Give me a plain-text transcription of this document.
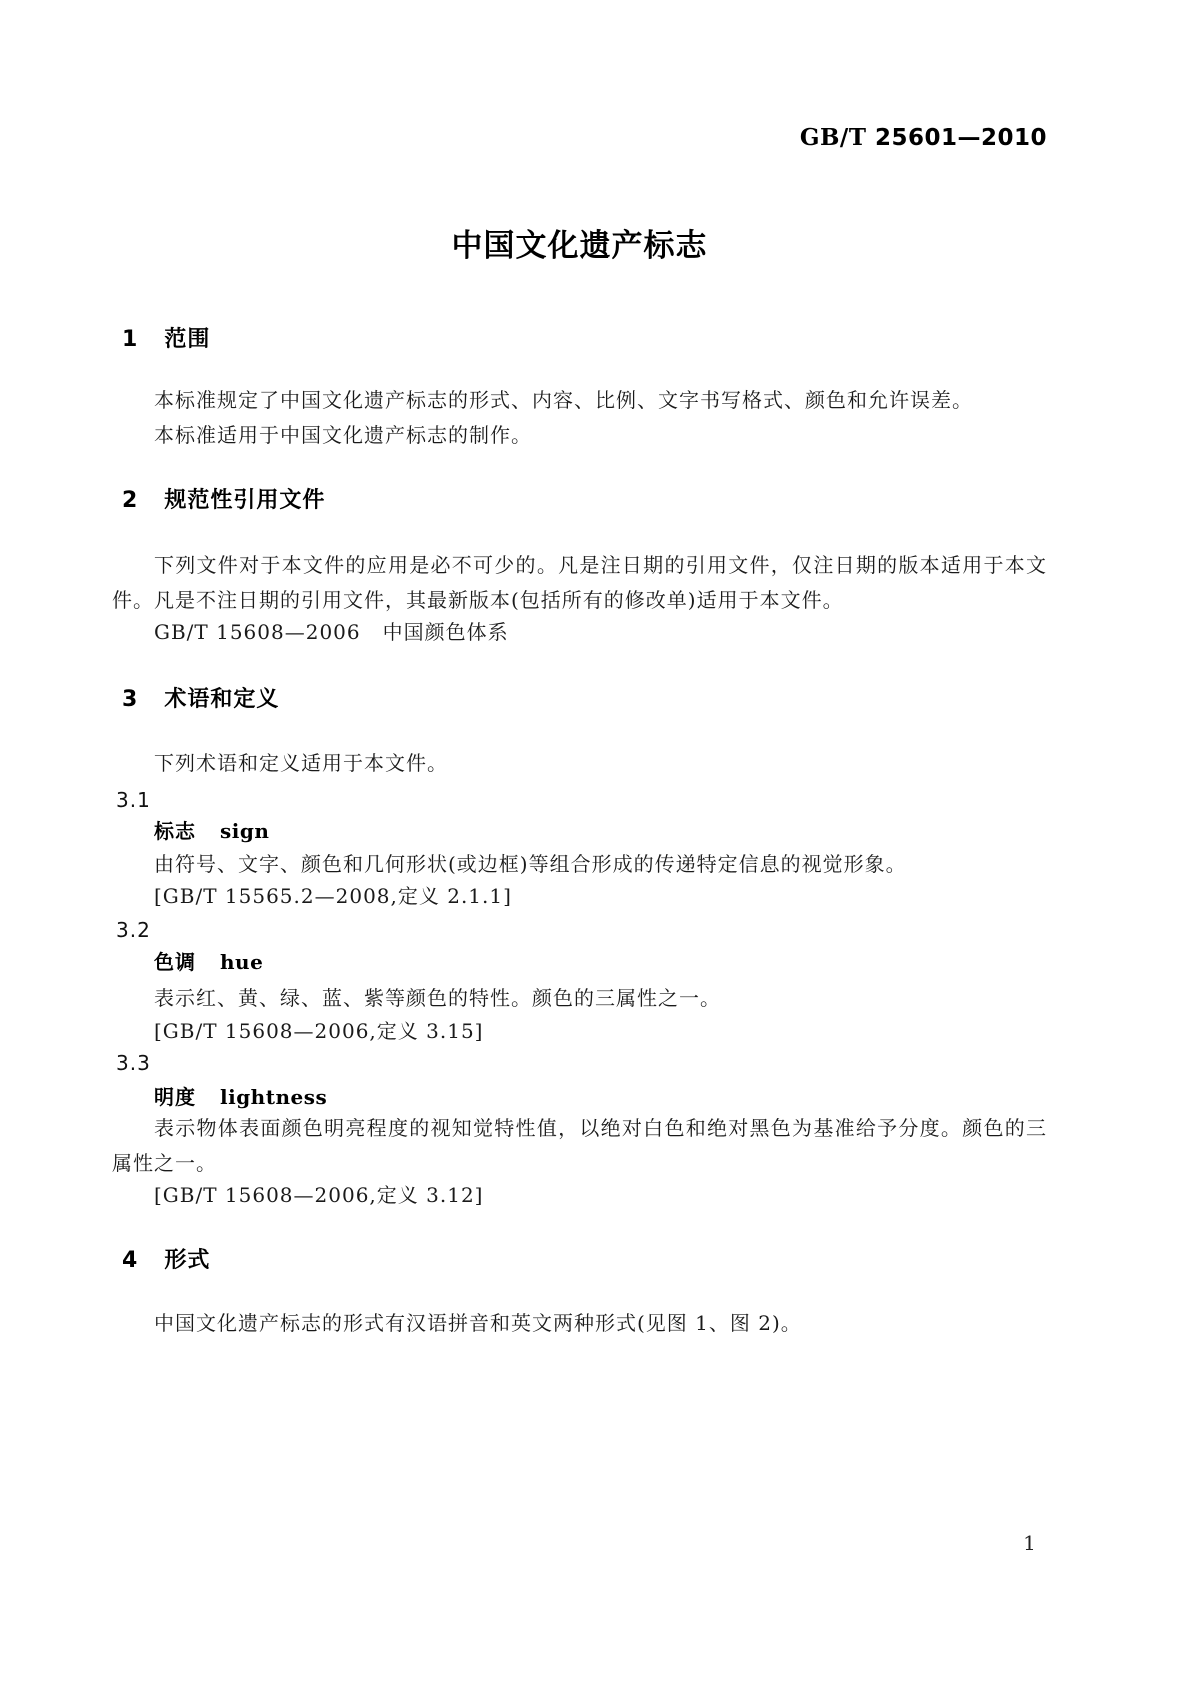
GB/T 25601—2010
中国文化遗产标志
1 范围
本标准规定了中国文化遗产标志的形式、内容、比例、文字书写格式、颜色和允许误差。
本标准适用于中国文化遗产标志的制作。
2 规范性引用文件
下列文件对于本文件的应用是必不可少的。凡是注日期的引用文件，仅注日期的版本适用于本文件。凡是不注日期的引用文件，其最新版本(包括所有的修改单)适用于本文件。
GB/T 15608—2006 中国颜色体系
3 术语和定义
下列术语和定义适用于本文件。
3.1
标志 sign
由符号、文字、颜色和几何形状(或边框)等组合形成的传递特定信息的视觉形象。
[GB/T 15565.2—2008,定义 2.1.1]
3.2
色调 hue
表示红、黄、绿、蓝、紫等颜色的特性。颜色的三属性之一。
[GB/T 15608—2006,定义 3.15]
3.3
明度 lightness
表示物体表面颜色明亮程度的视知觉特性值，以绝对白色和绝对黑色为基准给予分度。颜色的三属性之一。
[GB/T 15608—2006,定义 3.12]
4 形式
中国文化遗产标志的形式有汉语拼音和英文两种形式(见图 1、图 2)。
1
